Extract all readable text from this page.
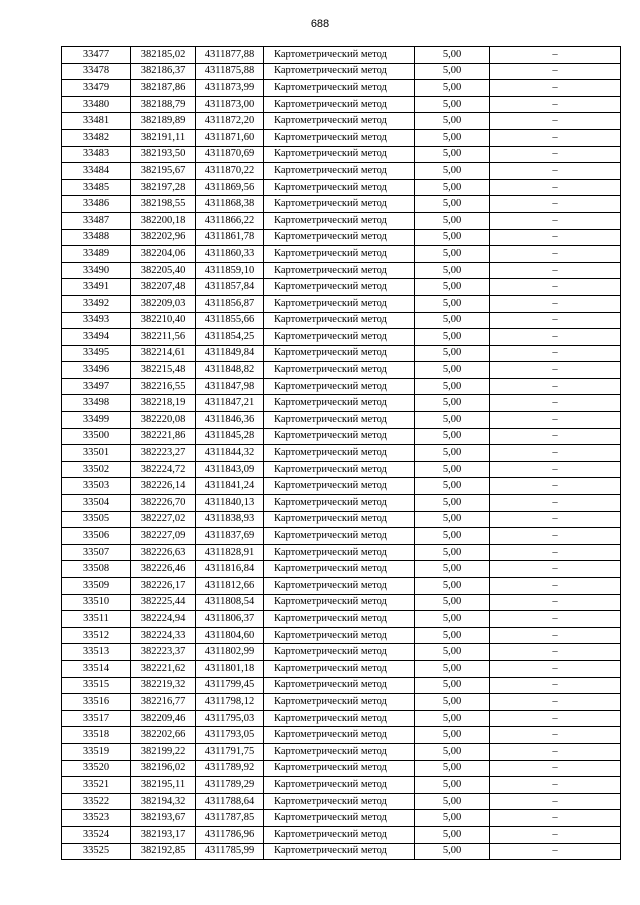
688
33477	382185,02	4311877,88	Картометрический метод	5,00	–
33478	382186,37	4311875,88	Картометрический метод	5,00	–
33479	382187,86	4311873,99	Картометрический метод	5,00	–
33480	382188,79	4311873,00	Картометрический метод	5,00	–
33481	382189,89	4311872,20	Картометрический метод	5,00	–
33482	382191,11	4311871,60	Картометрический метод	5,00	–
33483	382193,50	4311870,69	Картометрический метод	5,00	–
33484	382195,67	4311870,22	Картометрический метод	5,00	–
33485	382197,28	4311869,56	Картометрический метод	5,00	–
33486	382198,55	4311868,38	Картометрический метод	5,00	–
33487	382200,18	4311866,22	Картометрический метод	5,00	–
33488	382202,96	4311861,78	Картометрический метод	5,00	–
33489	382204,06	4311860,33	Картометрический метод	5,00	–
33490	382205,40	4311859,10	Картометрический метод	5,00	–
33491	382207,48	4311857,84	Картометрический метод	5,00	–
33492	382209,03	4311856,87	Картометрический метод	5,00	–
33493	382210,40	4311855,66	Картометрический метод	5,00	–
33494	382211,56	4311854,25	Картометрический метод	5,00	–
33495	382214,61	4311849,84	Картометрический метод	5,00	–
33496	382215,48	4311848,82	Картометрический метод	5,00	–
33497	382216,55	4311847,98	Картометрический метод	5,00	–
33498	382218,19	4311847,21	Картометрический метод	5,00	–
33499	382220,08	4311846,36	Картометрический метод	5,00	–
33500	382221,86	4311845,28	Картометрический метод	5,00	–
33501	382223,27	4311844,32	Картометрический метод	5,00	–
33502	382224,72	4311843,09	Картометрический метод	5,00	–
33503	382226,14	4311841,24	Картометрический метод	5,00	–
33504	382226,70	4311840,13	Картометрический метод	5,00	–
33505	382227,02	4311838,93	Картометрический метод	5,00	–
33506	382227,09	4311837,69	Картометрический метод	5,00	–
33507	382226,63	4311828,91	Картометрический метод	5,00	–
33508	382226,46	4311816,84	Картометрический метод	5,00	–
33509	382226,17	4311812,66	Картометрический метод	5,00	–
33510	382225,44	4311808,54	Картометрический метод	5,00	–
33511	382224,94	4311806,37	Картометрический метод	5,00	–
33512	382224,33	4311804,60	Картометрический метод	5,00	–
33513	382223,37	4311802,99	Картометрический метод	5,00	–
33514	382221,62	4311801,18	Картометрический метод	5,00	–
33515	382219,32	4311799,45	Картометрический метод	5,00	–
33516	382216,77	4311798,12	Картометрический метод	5,00	–
33517	382209,46	4311795,03	Картометрический метод	5,00	–
33518	382202,66	4311793,05	Картометрический метод	5,00	–
33519	382199,22	4311791,75	Картометрический метод	5,00	–
33520	382196,02	4311789,92	Картометрический метод	5,00	–
33521	382195,11	4311789,29	Картометрический метод	5,00	–
33522	382194,32	4311788,64	Картометрический метод	5,00	–
33523	382193,67	4311787,85	Картометрический метод	5,00	–
33524	382193,17	4311786,96	Картометрический метод	5,00	–
33525	382192,85	4311785,99	Картометрический метод	5,00	–
